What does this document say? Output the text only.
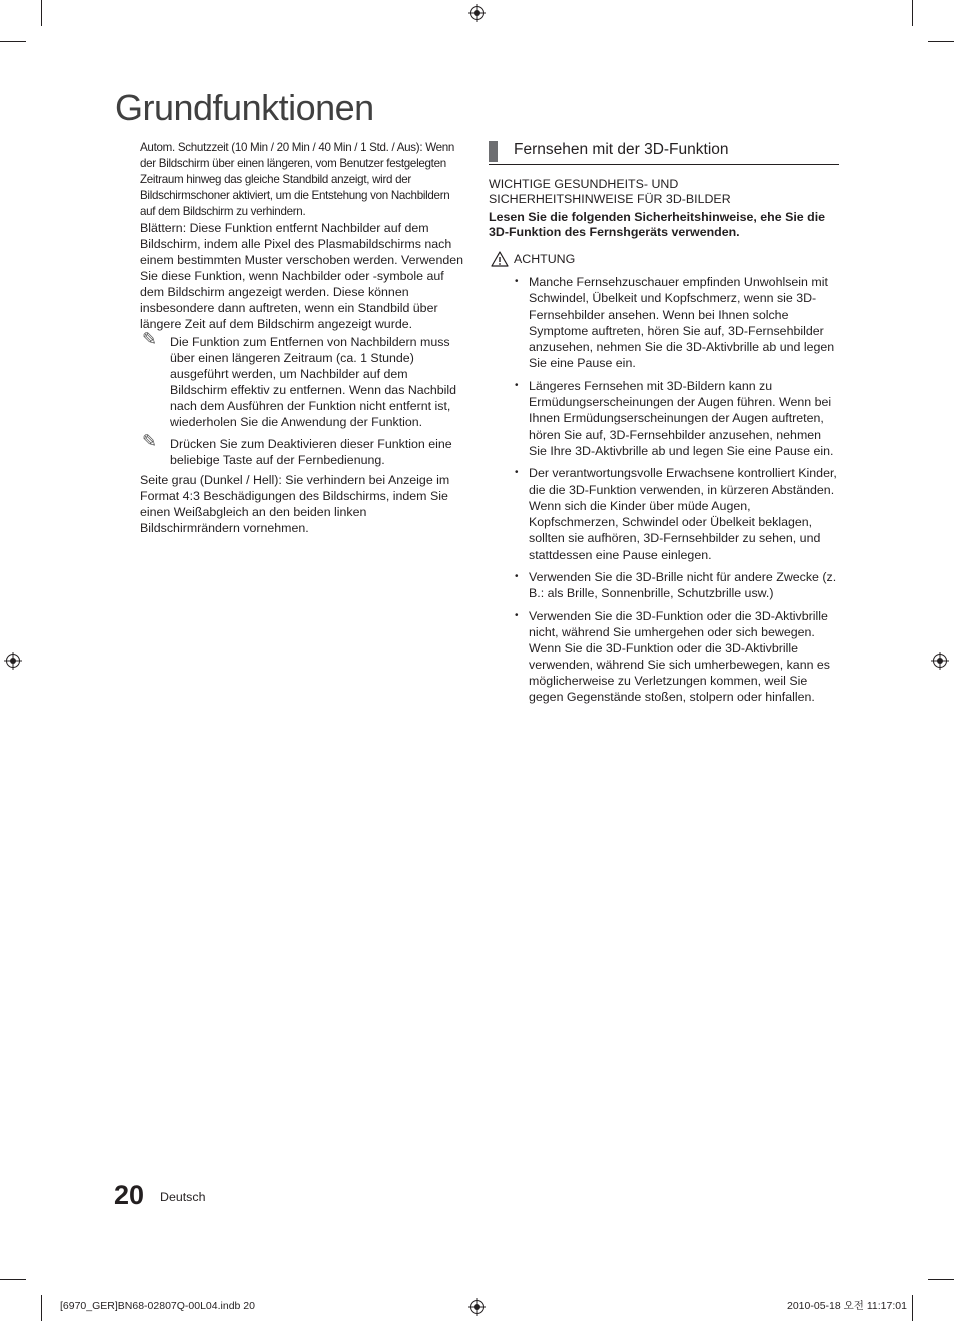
Grundfunktionen

Autom. Schutzzeit (10 Min / 20 Min / 40 Min / 1 Std. / Aus): Wenn der Bildschirm über einen längeren, vom Benutzer festgelegten Zeitraum hinweg das gleiche Standbild anzeigt, wird der Bildschirmschoner aktiviert, um die Entstehung von Nachbildern auf dem Bildschirm zu verhindern.

Blättern: Diese Funktion entfernt Nachbilder auf dem Bildschirm, indem alle Pixel des Plasmabildschirms nach einem bestimmten Muster verschoben werden. Verwenden Sie diese Funktion, wenn Nachbilder oder -symbole auf dem Bildschirm angezeigt werden. Diese können insbesondere dann auftreten, wenn ein Standbild über längere Zeit auf dem Bildschirm angezeigt wurde.

✎ Die Funktion zum Entfernen von Nachbildern muss über einen längeren Zeitraum (ca. 1 Stunde) ausgeführt werden, um Nachbilder auf dem Bildschirm effektiv zu entfernen. Wenn das Nachbild nach dem Ausführen der Funktion nicht entfernt ist, wiederholen Sie die Anwendung der Funktion.
✎ Drücken Sie zum Deaktivieren dieser Funktion eine beliebige Taste auf der Fernbedienung.

Seite grau (Dunkel / Hell): Sie verhindern bei Anzeige im Format 4:3 Beschädigungen des Bildschirms, indem Sie einen Weißabgleich an den beiden linken Bildschirmrändern vornehmen.

Fernsehen mit der 3D-Funktion

WICHTIGE GESUNDHEITS- UND
SICHERHEITSHINWEISE FÜR 3D-BILDER

Lesen Sie die folgenden Sicherheitshinweise, ehe Sie die 3D-Funktion des Fernshgeräts verwenden.

ACHTUNG
• Manche Fernsehzuschauer empfinden Unwohlsein mit Schwindel, Übelkeit und Kopfschmerz, wenn sie 3D-Fernsehbilder ansehen. Wenn bei Ihnen solche Symptome auftreten, hören Sie auf, 3D-Fernsehbilder anzusehen, nehmen Sie die 3D-Aktivbrille ab und legen Sie eine Pause ein.
• Längeres Fernsehen mit 3D-Bildern kann zu Ermüdungserscheinungen der Augen führen. Wenn bei Ihnen Ermüdungserscheinungen der Augen auftreten, hören Sie auf, 3D-Fernsehbilder anzusehen, nehmen Sie Ihre 3D-Aktivbrille ab und legen Sie eine Pause ein.
• Der verantwortungsvolle Erwachsene kontrolliert Kinder, die die 3D-Funktion verwenden, in kürzeren Abständen. Wenn sich die Kinder über müde Augen, Kopfschmerzen, Schwindel oder Übelkeit beklagen, sollten sie aufhören, 3D-Fernsehbilder zu sehen, und stattdessen eine Pause einlegen.
• Verwenden Sie die 3D-Brille nicht für andere Zwecke (z. B.: als Brille, Sonnenbrille, Schutzbrille usw.)
• Verwenden Sie die 3D-Funktion oder die 3D-Aktivbrille nicht, während Sie umhergehen oder sich bewegen. Wenn Sie die 3D-Funktion oder die 3D-Aktivbrille verwenden, während Sie sich umherbewegen, kann es möglicherweise zu Verletzungen kommen, weil Sie gegen Gegenstände stoßen, stolpern oder hinfallen.
20 Deutsch
[6970_GER]BN68-02807Q-00L04.indb 20	2010-05-18 오전 11:17:01
